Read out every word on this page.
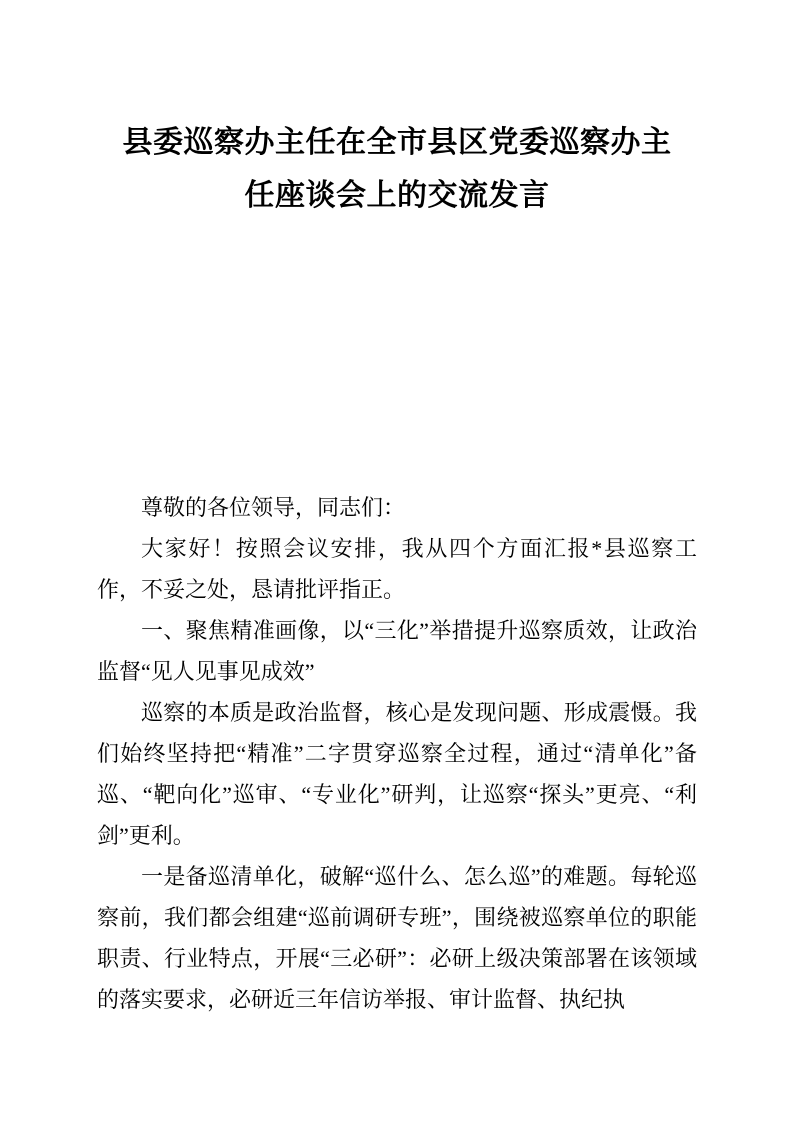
县委巡察办主任在全市县区党委巡察办主
任座谈会上的交流发言

尊敬的各位领导，同志们：

大家好！按照会议安排，我从四个方面汇报*县巡察工作，不妥之处，恳请批评指正。

一、聚焦精准画像，以“三化”举措提升巡察质效，让政治监督“见人见事见成效”

巡察的本质是政治监督，核心是发现问题、形成震慑。我们始终坚持把“精准”二字贯穿巡察全过程，通过“清单化”备巡、“靶向化”巡审、“专业化”研判，让巡察“探头”更亮、“利剑”更利。

一是备巡清单化，破解“巡什么、怎么巡”的难题。每轮巡察前，我们都会组建“巡前调研专班”，围绕被巡察单位的职能职责、行业特点，开展“三必研”：必研上级决策部署在该领域的落实要求，必研近三年信访举报、审计监督、执纪执
